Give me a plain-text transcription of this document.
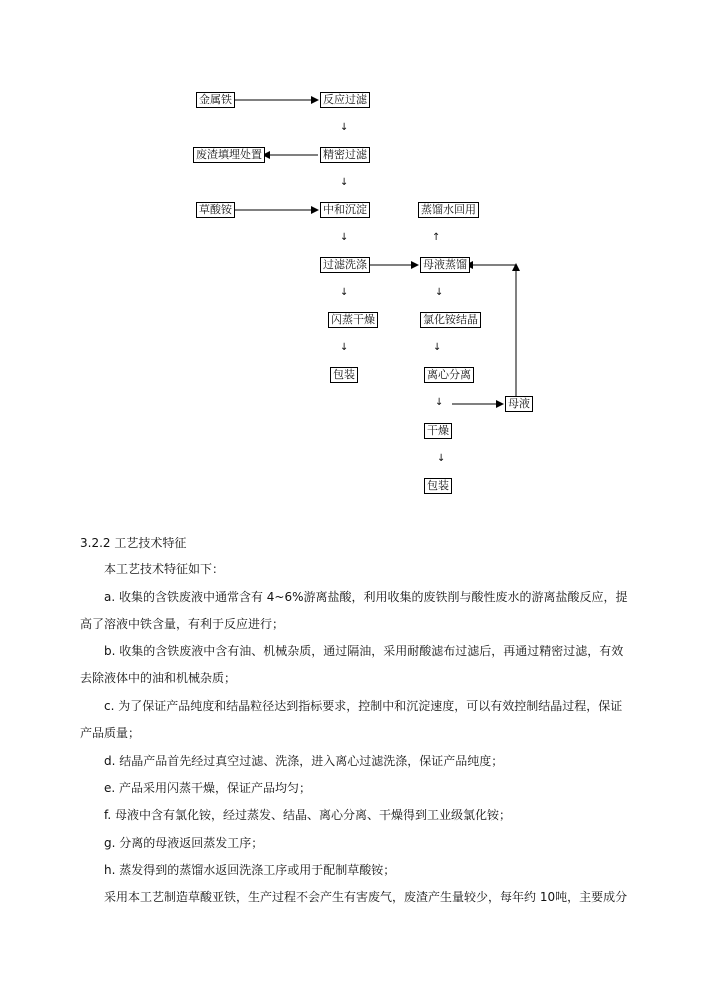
金属铁	反应过滤
废渣填埋处置	精密过滤
草酸铵	中和沉淀	蒸馏水回用
过滤洗涤	母液蒸馏
闪蒸干燥	氯化铵结晶
包装	离心分离
母液
干燥
包装
↓
↓
↓
↓
↓
↑
↓
↓
↓
↓
3.2.2 工艺技术特征
本工艺技术特征如下：
a. 收集的含铁废液中通常含有 4~6%游离盐酸，利用收集的废铁削与酸性废水的游离盐酸反应，提
高了溶液中铁含量，有利于反应进行；
b. 收集的含铁废液中含有油、机械杂质，通过隔油，采用耐酸滤布过滤后，再通过精密过滤，有效
去除液体中的油和机械杂质；
c. 为了保证产品纯度和结晶粒径达到指标要求，控制中和沉淀速度，可以有效控制结晶过程，保证
产品质量；
d. 结晶产品首先经过真空过滤、洗涤，进入离心过滤洗涤，保证产品纯度；
e. 产品采用闪蒸干燥，保证产品均匀；
f. 母液中含有氯化铵，经过蒸发、结晶、离心分离、干燥得到工业级氯化铵；
g. 分离的母液返回蒸发工序；
h. 蒸发得到的蒸馏水返回洗涤工序或用于配制草酸铵；
采用本工艺制造草酸亚铁，生产过程不会产生有害废气，废渣产生量较少，每年约 10吨，主要成分
